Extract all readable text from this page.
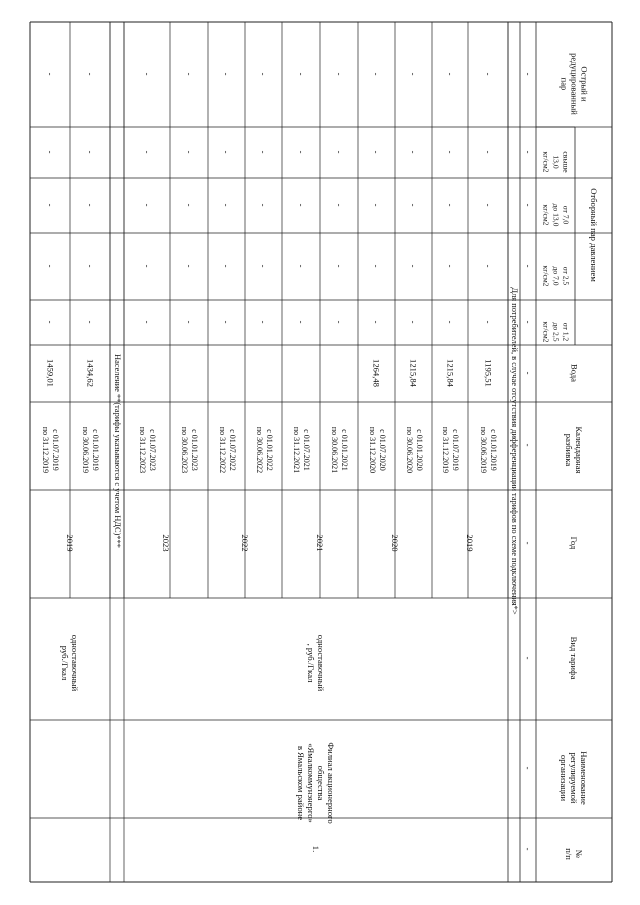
№
п/п
Наименование
регулируемой
организации
Вид тарифа
Год
Календарная
разбивка
Вода
Отборный пар давлением
от 1,2
до 2,5
кг/см2
от 2,5
до 7,0
кг/см2
от 7,0
до 13,0
кг/см2
свыше
13,0
кг/см2
Острый и
редуцированный
пар
-
-
-
-
-
-
-
-
-
-
-
Для потребителей, в случае отсутствия дифференциации тарифов по схеме подключения*>
Население **(тарифы указываются с учетом НДС)***
1.
Филиал акционерного
общества
«Ямалкоммунэнерго»
в Ямальском районе
одноставочный
, руб./Гкал
2019
2020
2021
2022
2023
с 01.01.2019
по 30.06.2019
1195,51
-
-
-
-
-
с 01.07.2019
по 31.12.2019
1215,84
-
-
-
-
-
с 01.01.2020
по 30.06.2020
1215,84
-
-
-
-
-
с 01.07.2020
по 31.12.2020
1264,48
-
-
-
-
-
с 01.01.2021
по 30.06.2021
-
-
-
-
-
с 01.07.2021
по 31.12.2021
-
-
-
-
-
с 01.01.2022
по 30.06.2022
-
-
-
-
-
с 01.07.2022
по 31.12.2022
-
-
-
-
-
с 01.01.2023
по 30.06.2023
-
-
-
-
-
с 01.07.2023
по 31.12.2023
-
-
-
-
-
одноставочный
руб./Гкал
2019
с 01.01.2019
по 30.06.2019
1434,62
-
-
-
-
-
с 01.07.2019
по 31.12.2019
1459,01
-
-
-
-
-
